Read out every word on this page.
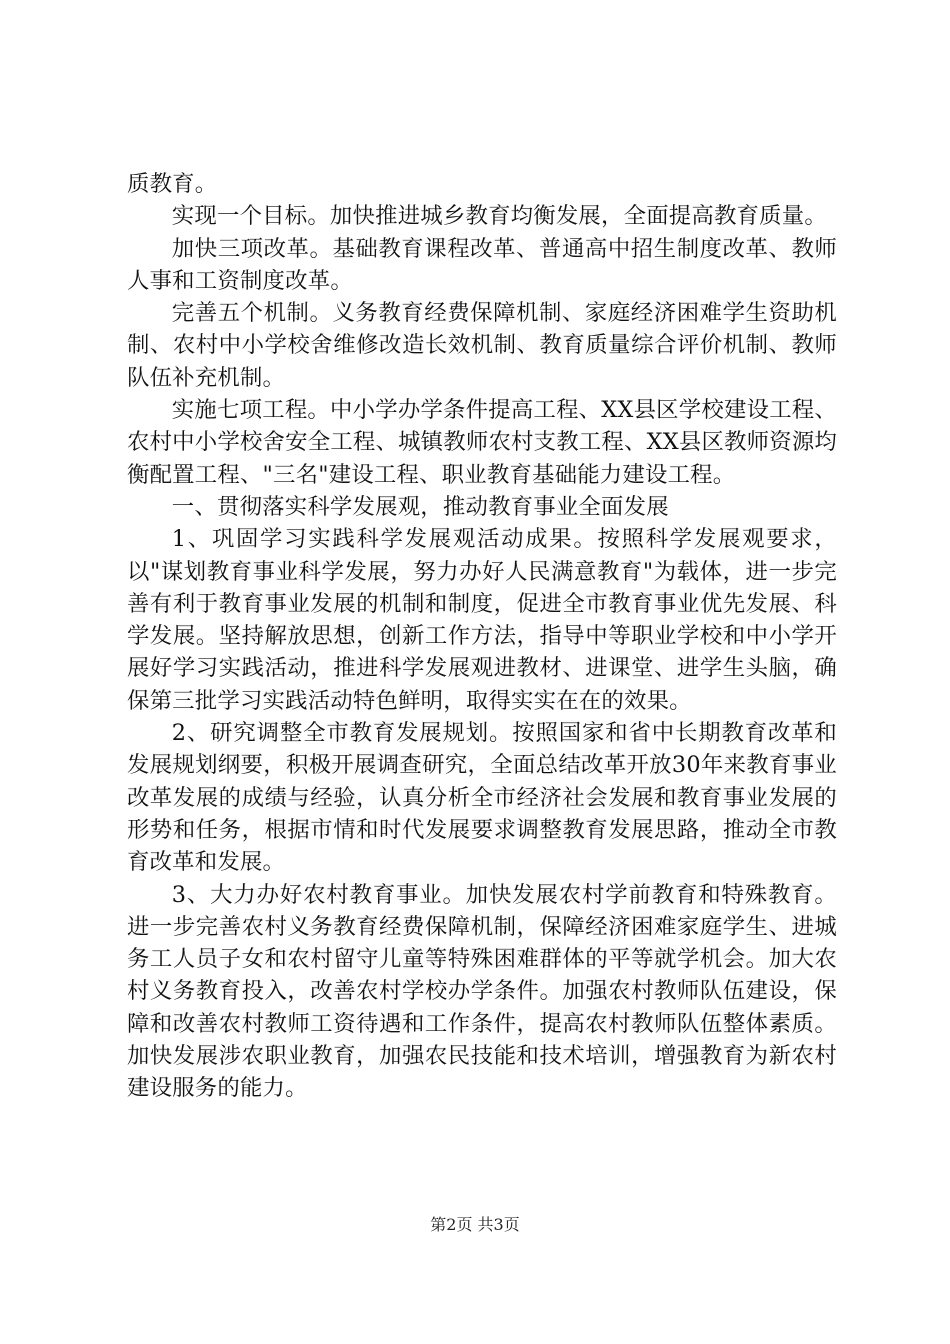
质教育。

实现一个目标。加快推进城乡教育均衡发展，全面提高教育质量。

加快三项改革。基础教育课程改革、普通高中招生制度改革、教师人事和工资制度改革。

完善五个机制。义务教育经费保障机制、家庭经济困难学生资助机制、农村中小学校舍维修改造长效机制、教育质量综合评价机制、教师队伍补充机制。

实施七项工程。中小学办学条件提高工程、XX县区学校建设工程、农村中小学校舍安全工程、城镇教师农村支教工程、XX县区教师资源均衡配置工程、"三名"建设工程、职业教育基础能力建设工程。

一、贯彻落实科学发展观，推动教育事业全面发展

1、巩固学习实践科学发展观活动成果。按照科学发展观要求，以"谋划教育事业科学发展，努力办好人民满意教育"为载体，进一步完善有利于教育事业发展的机制和制度，促进全市教育事业优先发展、科学发展。坚持解放思想，创新工作方法，指导中等职业学校和中小学开展好学习实践活动，推进科学发展观进教材、进课堂、进学生头脑，确保第三批学习实践活动特色鲜明，取得实实在在的效果。

2、研究调整全市教育发展规划。按照国家和省中长期教育改革和发展规划纲要，积极开展调查研究，全面总结改革开放30年来教育事业改革发展的成绩与经验，认真分析全市经济社会发展和教育事业发展的形势和任务，根据市情和时代发展要求调整教育发展思路，推动全市教育改革和发展。

3、大力办好农村教育事业。加快发展农村学前教育和特殊教育。进一步完善农村义务教育经费保障机制，保障经济困难家庭学生、进城务工人员子女和农村留守儿童等特殊困难群体的平等就学机会。加大农村义务教育投入，改善农村学校办学条件。加强农村教师队伍建设，保障和改善农村教师工资待遇和工作条件，提高农村教师队伍整体素质。加快发展涉农职业教育，加强农民技能和技术培训，增强教育为新农村建设服务的能力。

第2页 共3页
